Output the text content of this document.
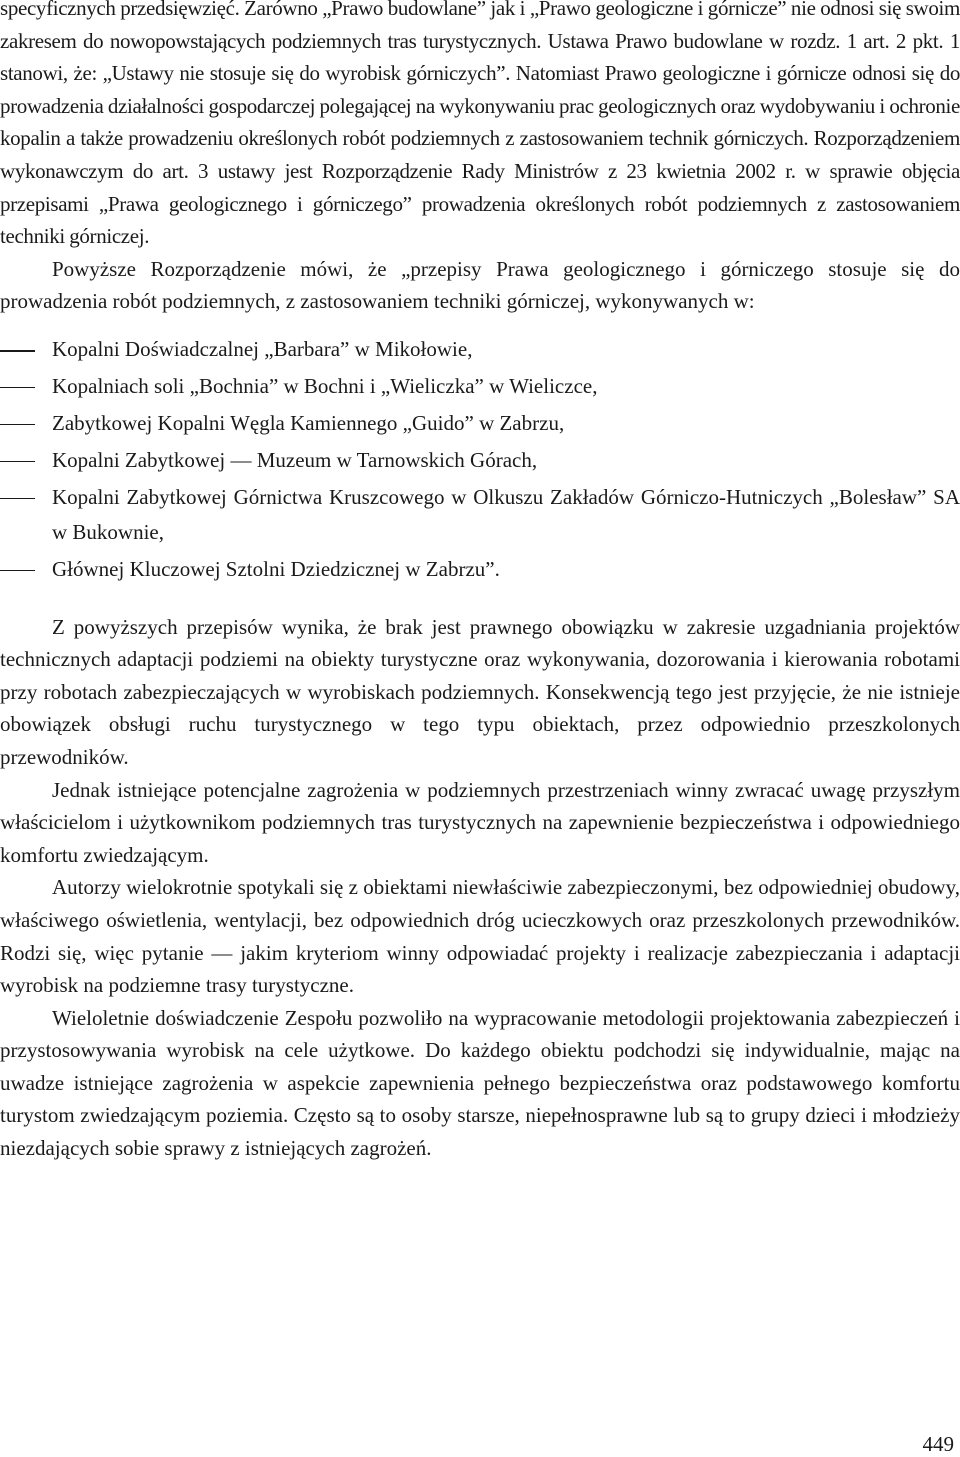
specyficznych przedsięwzięć. Zarówno „Prawo budowlane” jak i „Prawo geologiczne i górnicze” nie odnosi się swoim zakresem do nowopowstających podziemnych tras turystycznych. Ustawa Prawo budowlane w rozdz. 1 art. 2 pkt. 1 stanowi, że: „Ustawy nie stosuje się do wyrobisk górniczych”. Natomiast Prawo geologiczne i górnicze odnosi się do prowadzenia działalności gospodarczej polegającej na wykonywaniu prac geologicznych oraz wydobywaniu i ochronie kopalin a także prowadzeniu określonych robót podziemnych z zastosowaniem technik górniczych. Rozporządzeniem wykonawczym do art. 3 ustawy jest Rozporządzenie Rady Ministrów z 23 kwietnia 2002 r. w sprawie objęcia przepisami „Prawa geologicznego i górniczego” prowadzenia określonych robót podziemnych z zastosowaniem techniki górniczej.

Powyższe Rozporządzenie mówi, że „przepisy Prawa geologicznego i górniczego stosuje się do prowadzenia robót podziemnych, z zastosowaniem techniki górniczej, wykonywanych w:

Kopalni Doświadczalnej „Barbara” w Mikołowie,
Kopalniach soli „Bochnia” w Bochni i „Wieliczka” w Wieliczce,
Zabytkowej Kopalni Węgla Kamiennego „Guido” w Zabrzu,
Kopalni Zabytkowej — Muzeum w Tarnowskich Górach,
Kopalni Zabytkowej Górnictwa Kruszcowego w Olkuszu Zakładów Górniczo-Hutniczych „Bolesław” SA w Bukownie,
Głównej Kluczowej Sztolni Dziedzicznej w Zabrzu”.

Z powyższych przepisów wynika, że brak jest prawnego obowiązku w zakresie uzgadniania projektów technicznych adaptacji podziemi na obiekty turystyczne oraz wykonywania, dozorowania i kierowania robotami przy robotach zabezpieczających w wyrobiskach podziemnych. Konsekwencją tego jest przyjęcie, że nie istnieje obowiązek obsługi ruchu turystycznego w tego typu obiektach, przez odpowiednio przeszkolonych przewodników.

Jednak istniejące potencjalne zagrożenia w podziemnych przestrzeniach winny zwracać uwagę przyszłym właścicielom i użytkownikom podziemnych tras turystycznych na zapewnienie bezpieczeństwa i odpowiedniego komfortu zwiedzającym.

Autorzy wielokrotnie spotykali się z obiektami niewłaściwie zabezpieczonymi, bez odpowiedniej obudowy, właściwego oświetlenia, wentylacji, bez odpowiednich dróg ucieczkowych oraz przeszkolonych przewodników. Rodzi się, więc pytanie — jakim kryteriom winny odpowiadać projekty i realizacje zabezpieczania i adaptacji wyrobisk na podziemne trasy turystyczne.

Wieloletnie doświadczenie Zespołu pozwoliło na wypracowanie metodologii projektowania zabezpieczeń i przystosowywania wyrobisk na cele użytkowe. Do każdego obiektu podchodzi się indywidualnie, mając na uwadze istniejące zagrożenia w aspekcie zapewnienia pełnego bezpieczeństwa oraz podstawowego komfortu turystom zwiedzającym poziemia. Często są to osoby starsze, niepełnosprawne lub są to grupy dzieci i młodzieży niezdających sobie sprawy z istniejących zagrożeń.

449
